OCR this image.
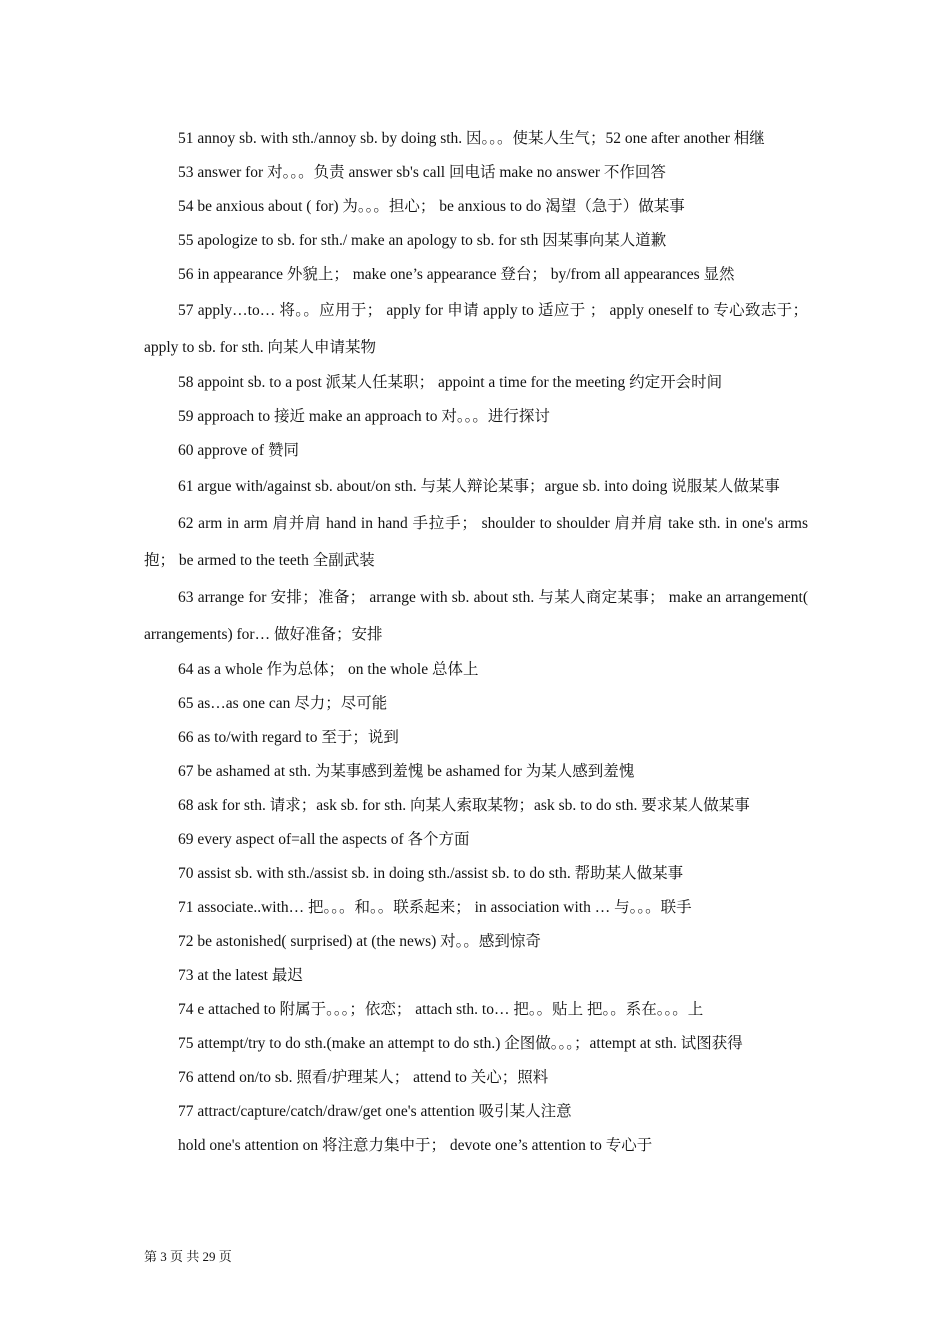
51 annoy sb. with sth./annoy sb. by doing sth. 因。。。使某人生气；52 one after another 相继
53 answer for 对。。。负责 answer sb's call 回电话 make no answer 不作回答
54 be anxious about ( for) 为。。。担心； be anxious to do 渴望（急于）做某事
55 apologize to sb. for sth./ make an apology to sb. for sth 因某事向某人道歉
56 in appearance 外貌上； make one’s appearance 登台； by/from all appearances 显然
57 apply…to… 将。。应用于； apply for 申请 apply to 适应于 ； apply oneself to 专心致志于； apply to sb. for sth. 向某人申请某物
58 appoint sb. to a post 派某人任某职； appoint a time for the meeting 约定开会时间
59 approach to 接近 make an approach to 对。。。进行探讨
60 approve of 赞同
61 argue with/against sb. about/on sth. 与某人辩论某事；argue sb. into doing 说服某人做某事
62 arm in arm 肩并肩 hand in hand 手拉手； shoulder to shoulder 肩并肩 take sth. in one's arms 抱； be armed to the teeth 全副武装
63 arrange for 安排；准备； arrange with sb. about sth. 与某人商定某事； make an arrangement( arrangements) for… 做好准备；安排
64 as a whole 作为总体； on the whole 总体上
65 as…as one can 尽力；尽可能
66 as to/with regard to 至于；说到
67 be ashamed at sth. 为某事感到羞愧 be ashamed for 为某人感到羞愧
68 ask for sth. 请求；ask sb. for sth. 向某人索取某物；ask sb. to do sth. 要求某人做某事
69 every aspect of=all the aspects of 各个方面
70 assist sb. with sth./assist sb. in doing sth./assist sb. to do sth. 帮助某人做某事
71 associate..with… 把。。。和。。联系起来； in association with … 与。。。联手
72 be astonished( surprised) at (the news) 对。。感到惊奇
73 at the latest 最迟
74 e attached to 附属于。。。；依恋； attach sth. to… 把。。贴上 把。。系在。。。上
75 attempt/try to do sth.(make an attempt to do sth.) 企图做。。。；attempt at sth. 试图获得
76 attend on/to sb. 照看/护理某人； attend to 关心；照料
77 attract/capture/catch/draw/get one's attention 吸引某人注意
hold one's attention on 将注意力集中于； devote one’s attention to 专心于
第 3 页 共 29 页
